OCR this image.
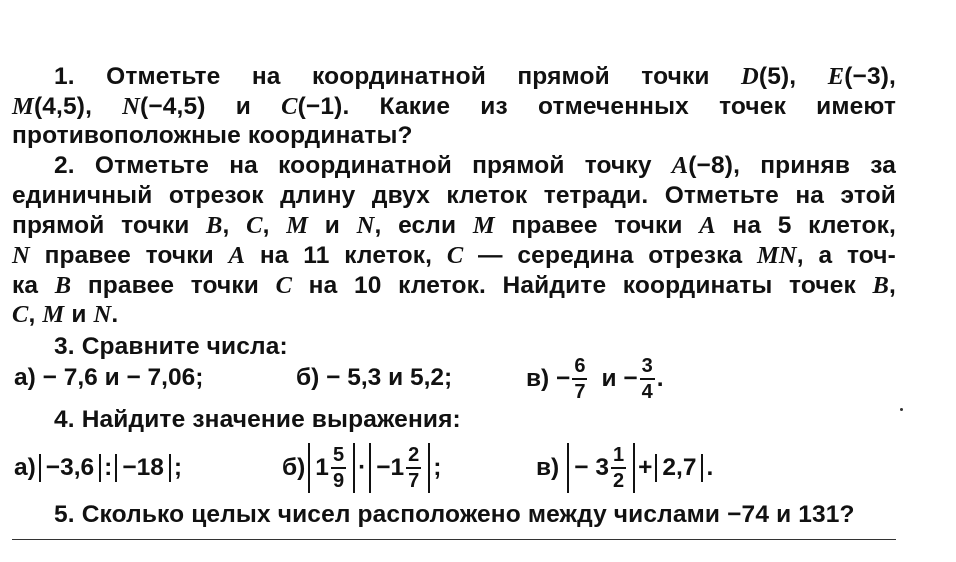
1. Отметьте на координатной прямой точки D(5), E(−3),
M(4,5), N(−4,5) и C(−1). Какие из отмеченных точек имеют
противоположные координаты?
2. Отметьте на координатной прямой точку A(−8), приняв за
единичный отрезок длину двух клеток тетради. Отметьте на этой
прямой точки B, C, M и N, если M правее точки A на 5 клеток,
N правее точки A на 11 клеток, C — середина отрезка MN, а точ-
ка B правее точки C на 10 клеток. Найдите координаты точек B,
C, M и N.
3. Сравните числа:
а) − 7,6 и − 7,06;	б) − 5,3 и 5,2;	$в) - \frac{6}{7}$ $и - \frac{3}{4}$ .
4. Найдите значение выражения:
а) −3,6 : −18 ;	б) $1 \frac{5}{9} \cdot -1 \frac{2}{7}$ ;	$в) - 3 \frac{1}{2} + 2,7$ .
5. Сколько целых чисел расположено между числами −74 и 131?
